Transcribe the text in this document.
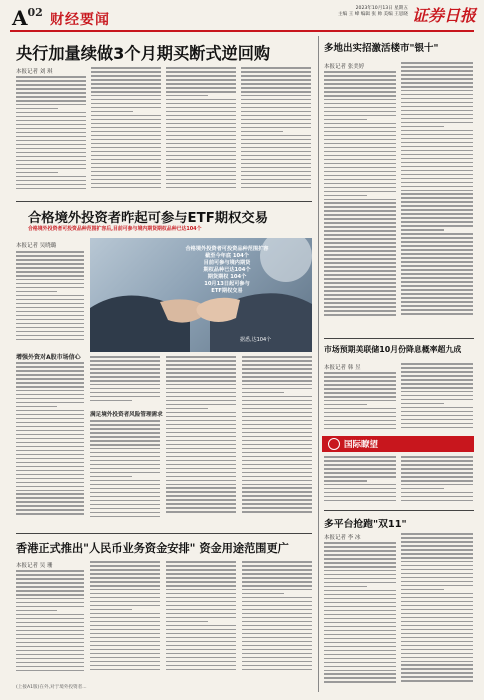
$A^{02}$ 财经要闻
2023年10月13日 星期五
主编 王 峰 编辑 张 帅 美编 王思晓 证券日报
央行加量续做3个月期买断式逆回购
本报记者 刘 琪
合格境外投资者昨起可参与ETF期权交易
合格境外投资者可投资品种范围扩容后,目前可参与境内期货期权品种已达104个
本报记者 吴晓璐	合格境外投资者可投资品种范围扩容
截至今年底 104个
目前可参与境内期货
期权品种已达104个
期货期权 104个
10月13日起可参与
ETF期权交易
据悉,达104个
增强外资对A股市场信心
满足境外投资者风险管理需求
香港正式推出"人民币业务资金安排" 资金用途范围更广
本报记者 吴 珊
(上接A1版)在外,对于境外投资者...
多地出实招激活楼市"银十"
本报记者 张美婷
市场预期美联储10月份降息概率超九成
本报记者 韩 昱
国际瞭望
多平台抢跑"双11"
本报记者 李 冰
